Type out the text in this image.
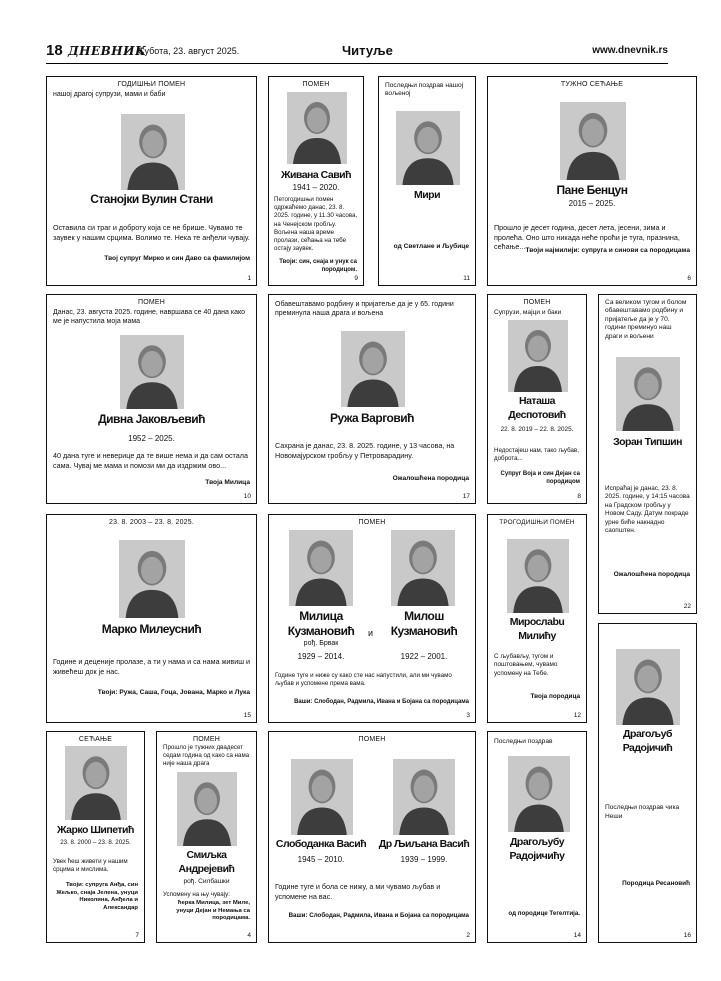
18 ДНЕВНИК
Субота, 23. август 2025.	Читуље	www.dnevnik.rs

ГОДИШЊИ ПОМЕН

нашој драгој супрузи, мами и баби

Станојки Вулин Стани

Оставила си траг и доброту која се не брише. Чувамо те заувек у нашим срцима. Волимо те. Нека те анђели чувају.

Твој супруг Мирко и син Даво са фамилијом

1

ПОМЕН

Живана Савић

1941 – 2020.

Петогодишњи помен одржаћемо данас, 23. 8. 2025. године, у 11.30 часова, на Ченејском гробљу. Вољена наша време пролази, сећања на тебе остају заувек.

Твоји: син, снаја и унук са породицом.

9

Последњи поздрав нашој вољеној

Мири

од Светлане и Љубице

11

ТУЖНО СЕЋАЊЕ

Пане Бенцун

2015 – 2025.

Прошло је десет година, десет лета, јесени, зима и пролећа. Оно што никада неће проћи је туга, празнина, сећање... Твоји најмилији: супруга и синови са породицама

6

ПОМЕН

Данас, 23. августа 2025. године, навршава се 40 дана како ме је напустила моја мама

Дивна Јаковљевић

1952 – 2025.

40 дана туге и неверице да те више нема и да сам остала сама. Чувај ме мама и помози ми да издржим ово...

Твоја Милица

10

Обавештавамо родбину и пријатеље да је у 65. години преминула наша драга и вољена

Ружа Варговић

Сахрана је данас, 23. 8. 2025. године, у 13 часова, на Новомајурском гробљу у Петроварадину.

Ожалошћена породица

17

ПОМЕН

Супрузи, мајци и баки

Наташа

Деспотовић

22. 8. 2019 – 22. 8. 2025.

Недостајеш нам, тако љубав, доброта...

Супруг Војa и син Дејан са породицом

8

Са великом тугом и болом обавештавамо родбину и пријатеље да је у 70. години преминуо наш драги и вољени

Зоран Типшин

Испраћај је данас, 23. 8. 2025. године, у 14:15 часова на Градском гробљу у Новом Саду. Датум пoкраде урне биће накнадно саопштен.

Ожалошћена породица

22

23. 8. 2003 – 23. 8. 2025.

Марко Милеуснић

Године и деценије пролазе, а ти у нама и са нама живиш и живећеш док је нас.

Твоји: Ружа, Саша, Гоца, Јована, Марко и Лука

15

ПОМЕН

Милица

Кузмановић

рођ. Брвак

1929 – 2014.

и

Милош

Кузмановић

1922 – 2001.

Године туге и ниже су како сте нас напустили, али ми чувамо љубав и успомене према вама.

Ваши: Слободан, Радмила, Ивана и Бојана са породицама

3

ТРОГОДИШЊИ ПОМЕН

Мирослаbu

Милићу

С љубављу, тугом и поштовањем, чувамо успомену на Тебе.

Твоја породица

12

СЕЋАЊЕ

Жарко Шипетић

23. 8. 2000 – 23. 8. 2025.

Увек ћеш живети у нашим срцима и мислима.

Твоји: супруга Анђа, син Жељко, снаја Јелена, унуци Николина, Анђела и Александар

7

ПОМЕН

Прошло је тужних двадесет седам година од како са нама није наша драга

Смиљка

Андрејевић

рођ. Силбашки

Успомену на њу чувају:

ћерка Милица, зет Миле, унуци Дејан и Немања са породицама.

4

ПОМЕН

Слободанка Васић

1945 – 2010.

Др Љиљана Васић

1939 – 1999.

Године туге и бола се нижу, а ми чувамо љубав и успомене на вас.

Ваши: Слободан, Радмила, Ивана и Бојана са породицама

2

Последњи поздрав

Драгољубу

Радојичићу

од породице Тегелтија.

14

Драгољуб

Радојичић

Последњи поздрав чика Неши

Породица Ресановић

16
